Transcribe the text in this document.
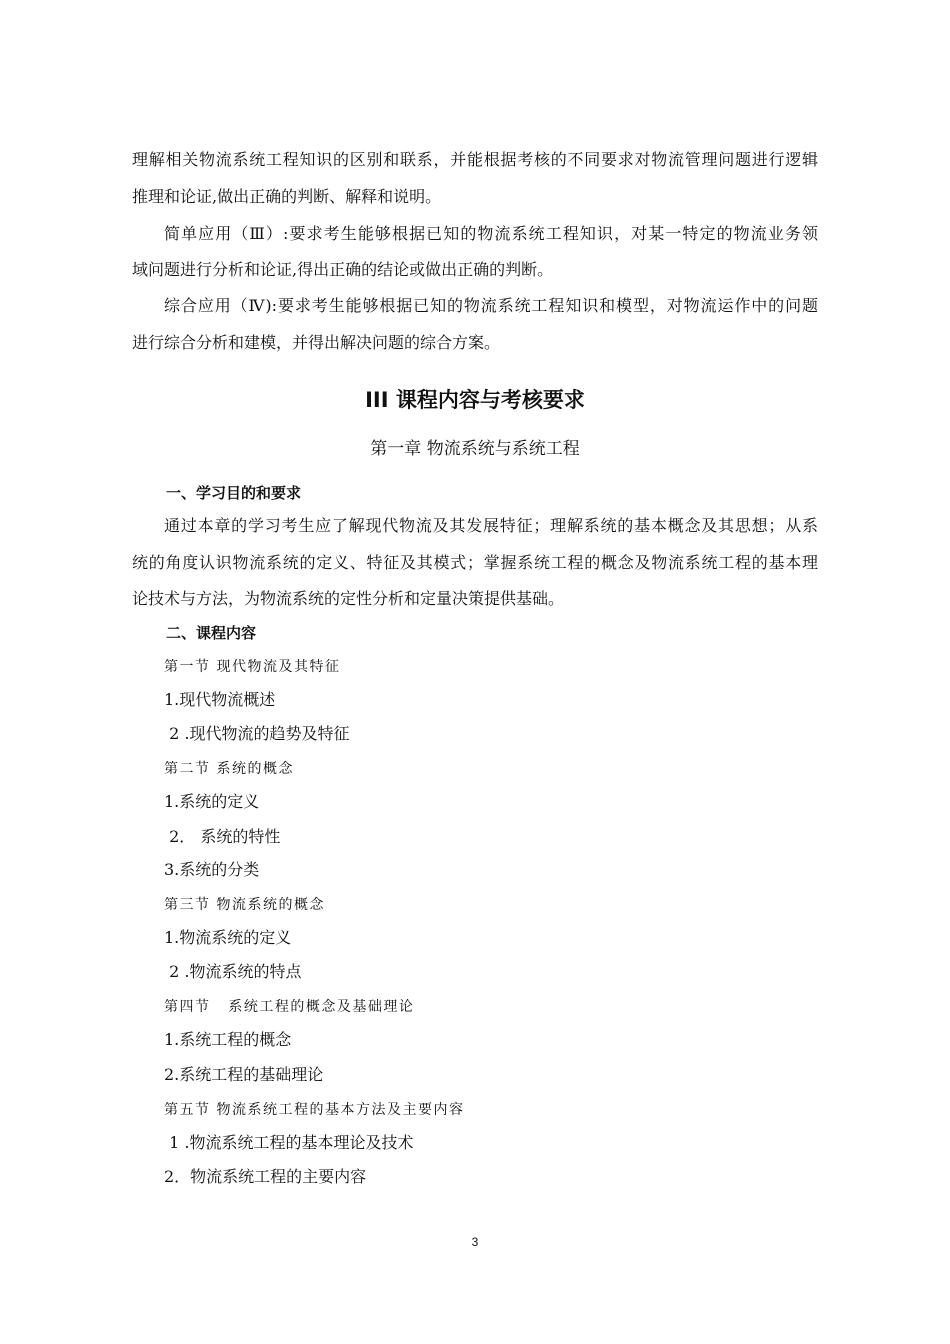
理解相关物流系统工程知识的区别和联系，并能根据考核的不同要求对物流管理问题进行逻辑
推理和论证,做出正确的判断、解释和说明。
简单应用（Ⅲ）:要求考生能够根据已知的物流系统工程知识，对某一特定的物流业务领
域问题进行分析和论证,得出正确的结论或做出正确的判断。
综合应用（Ⅳ):要求考生能够根据已知的物流系统工程知识和模型，对物流运作中的问题
进行综合分析和建模，并得出解决问题的综合方案。
III 课程内容与考核要求
第一章 物流系统与系统工程
一、学习目的和要求
通过本章的学习考生应了解现代物流及其发展特征；理解系统的基本概念及其思想；从系
统的角度认识物流系统的定义、特征及其模式；掌握系统工程的概念及物流系统工程的基本理
论技术与方法，为物流系统的定性分析和定量决策提供基础。
二、课程内容
第一节 现代物流及其特征
1.现代物流概述
2 .现代物流的趋势及特征
第二节 系统的概念
1.系统的定义
2． 系统的特性
3.系统的分类
第三节 物流系统的概念
1.物流系统的定义
2 .物流系统的特点
第四节   系统工程的概念及基础理论
1.系统工程的概念
2.系统工程的基础理论
第五节 物流系统工程的基本方法及主要内容
1 .物流系统工程的基本理论及技术
2．物流系统工程的主要内容
3
